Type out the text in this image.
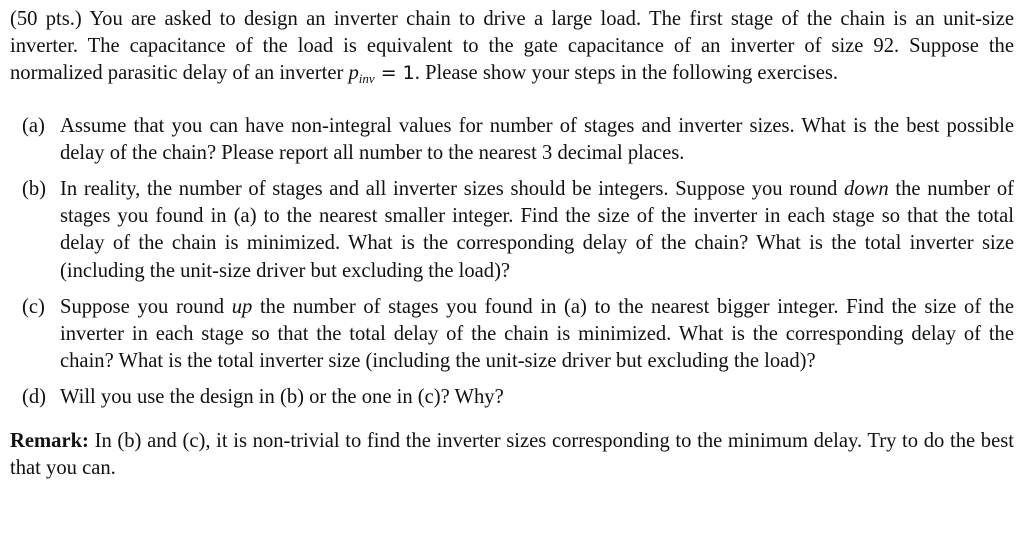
(50 pts.) You are asked to design an inverter chain to drive a large load. The first stage of the chain is an unit-size inverter. The capacitance of the load is equivalent to the gate capacitance of an inverter of size 92. Suppose the normalized parasitic delay of an inverter $p_{inv} = 1$. Please show your steps in the following exercises.

(a) Assume that you can have non-integral values for number of stages and inverter sizes. What is the best possible delay of the chain? Please report all number to the nearest 3 decimal places.
(b) In reality, the number of stages and all inverter sizes should be integers. Suppose you round down the number of stages you found in (a) to the nearest smaller integer. Find the size of the inverter in each stage so that the total delay of the chain is minimized. What is the corresponding delay of the chain? What is the total inverter size (including the unit-size driver but excluding the load)?
(c) Suppose you round up the number of stages you found in (a) to the nearest bigger integer. Find the size of the inverter in each stage so that the total delay of the chain is minimized. What is the corresponding delay of the chain? What is the total inverter size (including the unit-size driver but excluding the load)?
(d) Will you use the design in (b) or the one in (c)? Why?

Remark: In (b) and (c), it is non-trivial to find the inverter sizes corresponding to the minimum delay. Try to do the best that you can.
